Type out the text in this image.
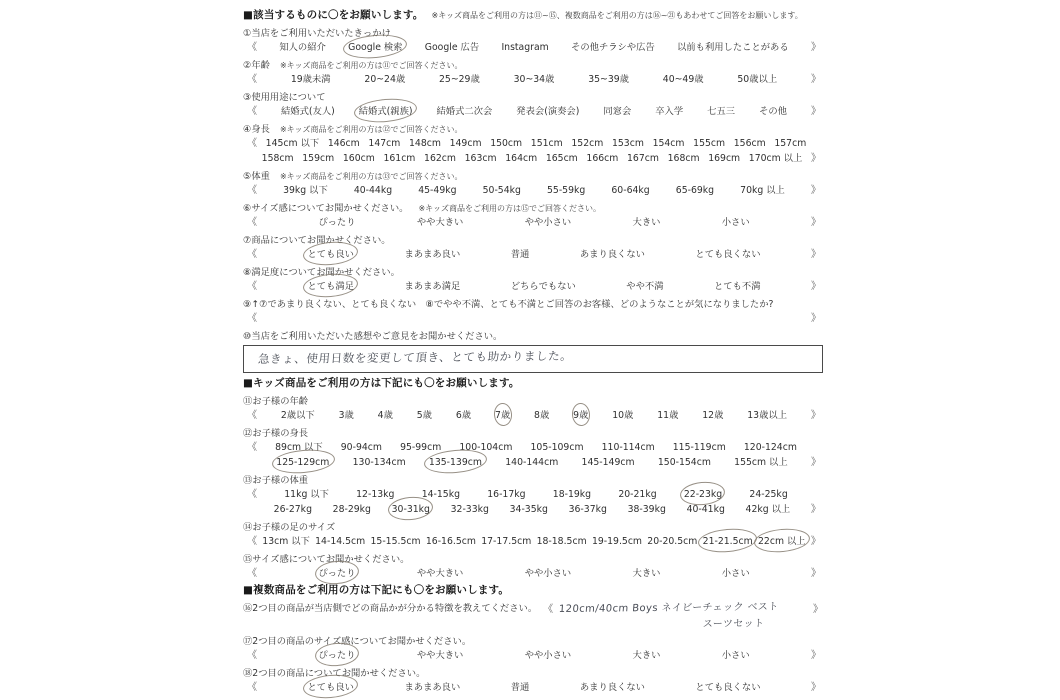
■該当するものに〇をお願いします。 ※キッズ商品をご利用の方は⑪~⑮、複数商品をご利用の方は⑯~㉑もあわせてご回答をお願いします。
①当店をご利用いただいたきっかけ
《 知人の紹介 Google 検索 Google 広告 Instagram その他チラシや広告 以前も利用したことがある 》
②年齢 ※キッズ商品をご利用の方は⑪でご回答ください。
《	19歳未満	20~24歳	25~29歳	30~34歳	35~39歳	40~49歳	50歳以上	》
③使用用途について
《	結婚式(友人)	結婚式(親族)	結婚式二次会	発表会(演奏会)	同窓会	卒入学	七五三	その他 》
④身長 ※キッズ商品をご利用の方は⑫でご回答ください。
《 145cm 以下 146cm 147cm 148cm 149cm 150cm 151cm 152cm 153cm 154cm 155cm 156cm 157cm
158cm 159cm 160cm 161cm 162cm 163cm 164cm 165cm 166cm 167cm 168cm 169cm 170cm 以上 》
⑤体重 ※キッズ商品をご利用の方は⑬でご回答ください。
《	39kg 以下	40-44kg	45-49kg	50-54kg	55-59kg	60-64kg	65-69kg	70kg 以上	》
⑥サイズ感についてお聞かせください。 ※キッズ商品をご利用の方は⑮でご回答ください。
《	ぴったり	やや大きい	やや小さい	大きい	小さい	》
⑦商品についてお聞かせください。
《	とても良い	まあまあ良い	普通	あまり良くない	とても良くない	》
⑧満足度についてお聞かせください。
《	とても満足	まあまあ満足	どちらでもない	やや不満	とても不満	》
⑨↑⑦であまり良くない、とても良くない　⑧でやや不満、とても不満とご回答のお客様、どのようなことが気になりましたか?
《	》
⑩当店をご利用いただいた感想やご意見をお聞かせください。
急きょ、使用日数を変更して頂き、とても助かりました。
■キッズ商品をご利用の方は下記にも〇をお願いします。
⑪お子様の年齢
《	2歳以下	3歳	4歳	5歳	6歳	7歳	8歳	9歳	10歳	11歳	12歳	13歳以上 》
⑫お子様の身長
《 89cm 以下 90-94cm 95-99cm 100-104cm 105-109cm 110-114cm 115-119cm 120-124cm
125-129cm	130-134cm	135-139cm	140-144cm	145-149cm	150-154cm	155cm 以上 》
⑬お子様の体重
《	11kg 以下	12-13kg	14-15kg	16-17kg	18-19kg	20-21kg	22-23kg	24-25kg
26-27kg 28-29kg 30-31kg 32-33kg 34-35kg 36-37kg 38-39kg 40-41kg 42kg 以上 》
⑭お子様の足のサイズ
《 13cm 以下 14-14.5cm 15-15.5cm 16-16.5cm 17-17.5cm 18-18.5cm 19-19.5cm 20-20.5cm 21-21.5cm 22cm 以上 》
⑮サイズ感についてお聞かせください。
《	ぴったり	やや大きい	やや小さい	大きい	小さい	》
■複数商品をご利用の方は下記にも〇をお願いします。
⑯2つ目の商品が当店側でどの商品かが分かる特徴を教えてください。 《 120cm/40cm Boys ネイビーチェック ベスト
スーツセット
》
⑰2つ目の商品のサイズ感についてお聞かせください。
《	ぴったり	やや大きい	やや小さい	大きい	小さい	》
⑱2つ目の商品についてお聞かせください。
《	とても良い	まあまあ良い	普通	あまり良くない	とても良くない	》
